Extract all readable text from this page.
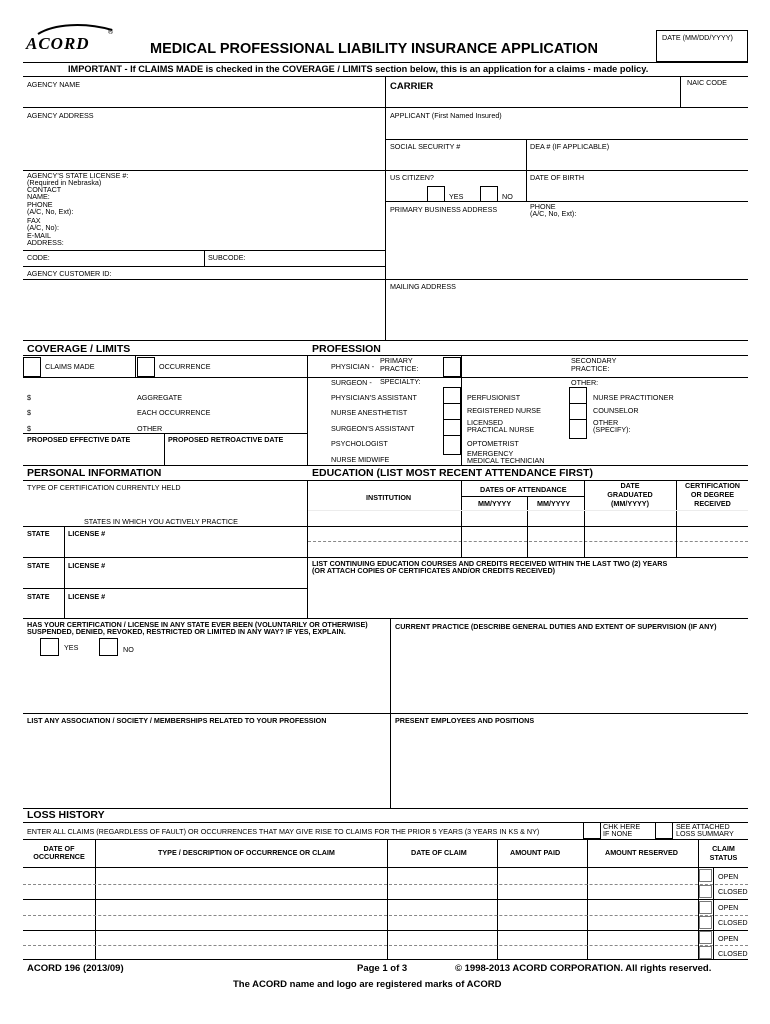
ACORD
®
MEDICAL PROFESSIONAL LIABILITY INSURANCE APPLICATION
DATE (MM/DD/YYYY)
IMPORTANT - If CLAIMS MADE is checked in the COVERAGE / LIMITS section below, this is an application for a claims - made policy.
AGENCY NAME
AGENCY ADDRESS
AGENCY'S STATE LICENSE #:
(Required in Nebraska)
CONTACT
NAME:
PHONE
(A/C, No, Ext):
FAX
(A/C, No):
E-MAIL
ADDRESS:
CODE:	SUBCODE:
AGENCY CUSTOMER ID:
CARRIER	NAIC CODE
APPLICANT (First Named Insured)
SOCIAL SECURITY #	DEA # (IF APPLICABLE)
US CITIZEN?
YES	NO
DATE OF BIRTH
PRIMARY BUSINESS ADDRESS	PHONE
(A/C, No, Ext):
MAILING ADDRESS
COVERAGE / LIMITS	PROFESSION
CLAIMS MADE	OCCURRENCE
$	AGGREGATE
$	EACH OCCURRENCE
$	OTHER
PROPOSED EFFECTIVE DATE	PROPOSED RETROACTIVE DATE
PHYSICIAN -
PRIMARY
PRACTICE:
SECONDARY
PRACTICE:
SURGEON - SPECIALTY:	OTHER:
PHYSICIAN'S ASSISTANT	PERFUSIONIST	NURSE PRACTITIONER
NURSE ANESTHETIST	REGISTERED NURSE	COUNSELOR
SURGEON'S ASSISTANT
LICENSED
PRACTICAL NURSE
OTHER
(SPECIFY):
PSYCHOLOGIST	OPTOMETRIST
NURSE MIDWIFE
EMERGENCY
MEDICAL TECHNICIAN
PERSONAL INFORMATION	EDUCATION (LIST MOST RECENT ATTENDANCE FIRST)
TYPE OF CERTIFICATION CURRENTLY HELD
STATES IN WHICH YOU ACTIVELY PRACTICE
STATE	LICENSE #
STATE	LICENSE #
STATE	LICENSE #
INSTITUTION
DATES OF ATTENDANCE
MM/YYYY	MM/YYYY
DATE
GRADUATED
(MM/YYYY)
CERTIFICATION
OR DEGREE
RECEIVED
LIST CONTINUING EDUCATION COURSES AND CREDITS RECEIVED WITHIN THE LAST TWO (2) YEARS
(OR ATTACH COPIES OF CERTIFICATES AND/OR CREDITS RECEIVED)
HAS YOUR CERTIFICATION / LICENSE IN ANY STATE EVER BEEN (VOLUNTARILY OR OTHERWISE)
SUSPENDED, DENIED, REVOKED, RESTRICTED OR LIMITED IN ANY WAY? IF YES, EXPLAIN.
YES	NO
CURRENT PRACTICE (DESCRIBE GENERAL DUTIES AND EXTENT OF SUPERVISION (IF ANY)
LIST ANY ASSOCIATION / SOCIETY / MEMBERSHIPS RELATED TO YOUR PROFESSION	PRESENT EMPLOYEES AND POSITIONS
LOSS HISTORY
ENTER ALL CLAIMS (REGARDLESS OF FAULT) OR OCCURRENCES THAT MAY GIVE RISE TO CLAIMS FOR THE PRIOR 5 YEARS (3 YEARS IN KS & NY)
CHK HERE
IF NONE
SEE ATTACHED
LOSS SUMMARY
DATE OF
OCCURRENCE	TYPE / DESCRIPTION OF OCCURRENCE OR CLAIM	DATE OF CLAIM	AMOUNT PAID	AMOUNT RESERVED	CLAIM
STATUS
OPEN
CLOSED
OPEN
CLOSED
OPEN
CLOSED
ACORD 196 (2013/09)	Page 1 of 3	© 1998-2013 ACORD CORPORATION. All rights reserved.
The ACORD name and logo are registered marks of ACORD
